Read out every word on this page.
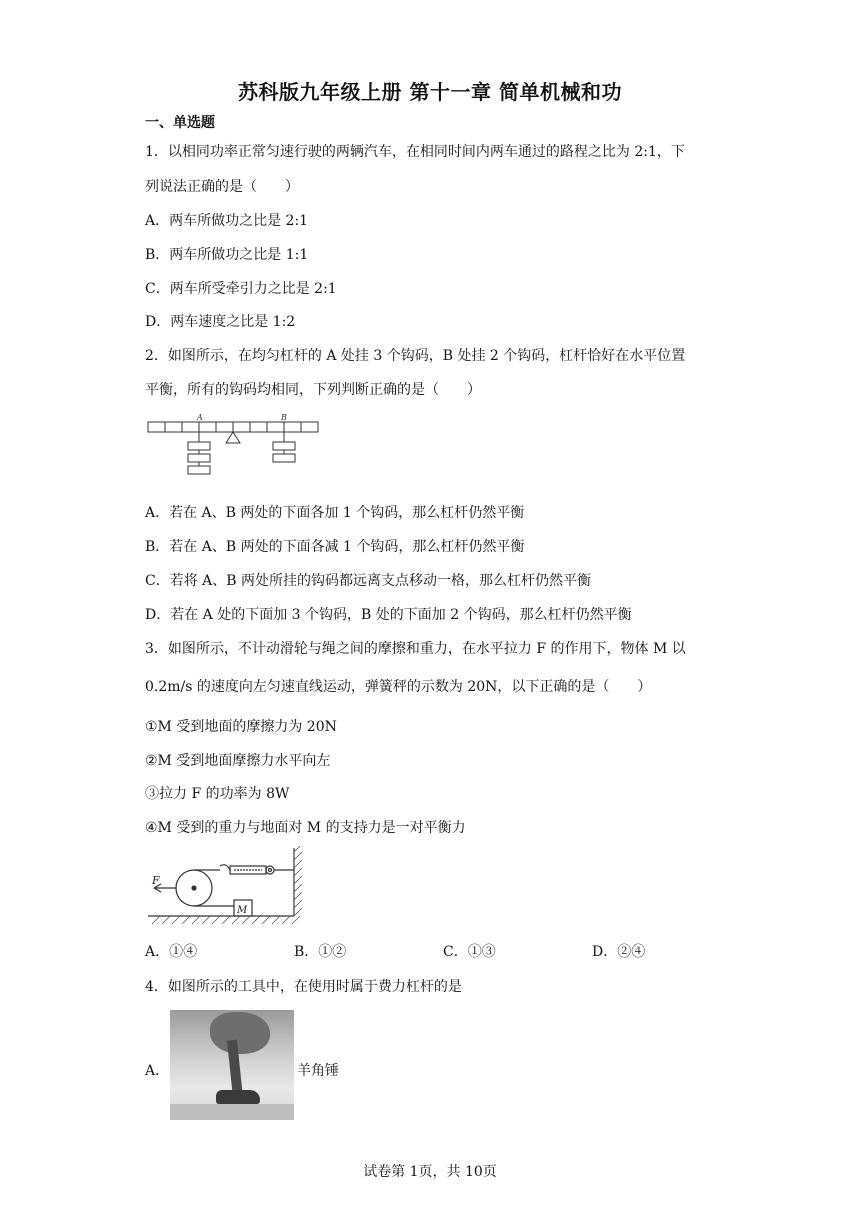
苏科版九年级上册 第十一章 简单机械和功
一、单选题
1．以相同功率正常匀速行驶的两辆汽车，在相同时间内两车通过的路程之比为 2:1，下
列说法正确的是（　　）
A．两车所做功之比是 2:1
B．两车所做功之比是 1:1
C．两车所受牵引力之比是 2:1
D．两车速度之比是 1:2
2．如图所示，在均匀杠杆的 A 处挂 3 个钩码，B 处挂 2 个钩码，杠杆恰好在水平位置
平衡，所有的钩码均相同，下列判断正确的是（　　）
A	B
A．若在 A、B 两处的下面各加 1 个钩码，那么杠杆仍然平衡
B．若在 A、B 两处的下面各减 1 个钩码，那么杠杆仍然平衡
C．若将 A、B 两处所挂的钩码都远离支点移动一格，那么杠杆仍然平衡
D．若在 A 处的下面加 3 个钩码，B 处的下面加 2 个钩码，那么杠杆仍然平衡
3．如图所示，不计动滑轮与绳之间的摩擦和重力，在水平拉力 F 的作用下，物体 M 以
0.2m/s 的速度向左匀速直线运动，弹簧秤的示数为 20N，以下正确的是（　　）
①M 受到地面的摩擦力为 20N
②M 受到地面摩擦力水平向左
③拉力 F 的功率为 8W
④M 受到的重力与地面对 M 的支持力是一对平衡力
F
M
A．①④	B．①②	C．①③	D．②④
4．如图所示的工具中，在使用时属于费力杠杆的是
A．	羊角锤
试卷第 1页，共 10页
